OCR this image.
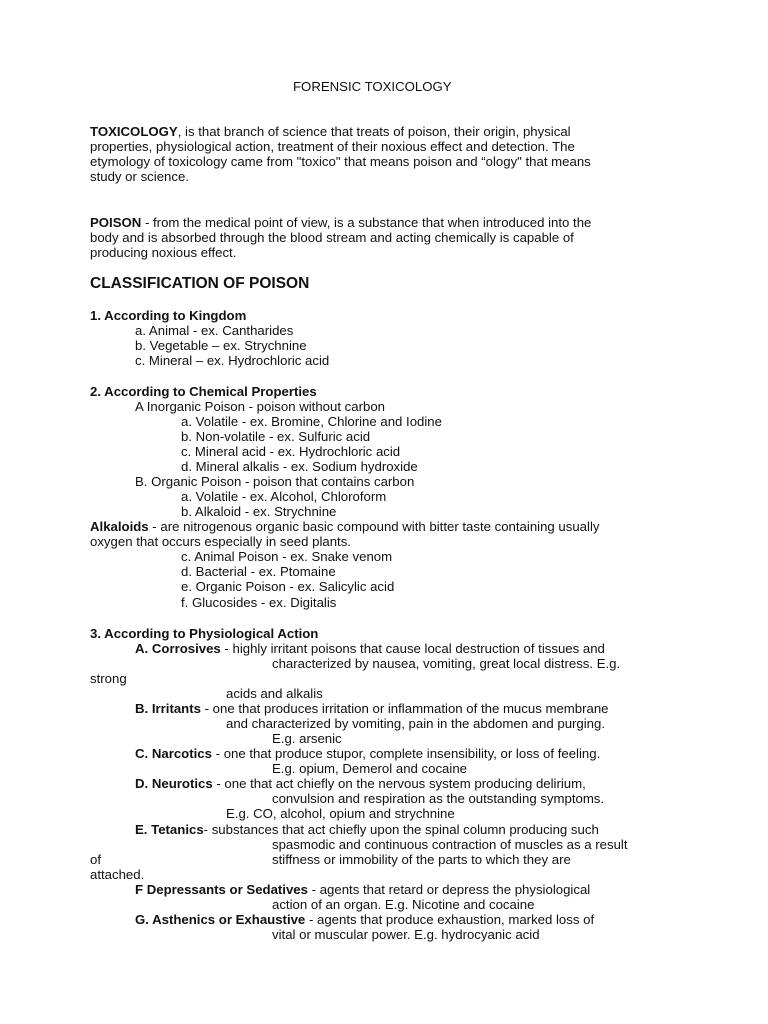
FORENSIC TOXICOLOGY
TOXICOLOGY, is that branch of science that treats of poison, their origin, physical
properties, physiological action, treatment of their noxious effect and detection. The
etymology of toxicology came from "toxico" that means poison and “ology" that means
study or science.
POISON - from the medical point of view, is a substance that when introduced into the
body and is absorbed through the blood stream and acting chemically is capable of
producing noxious effect.
CLASSIFICATION OF POISON
1. According to Kingdom
a. Animal - ex. Cantharides
b. Vegetable – ex. Strychnine
c. Mineral – ex. Hydrochloric acid
2. According to Chemical Properties
A Inorganic Poison - poison without carbon
a. Volatile - ex. Bromine, Chlorine and Iodine
b. Non-volatile - ex. Sulfuric acid
c. Mineral acid - ex. Hydrochloric acid
d. Mineral alkalis - ex. Sodium hydroxide
B. Organic Poison - poison that contains carbon
a. Volatile - ex. Alcohol, Chloroform
b. Alkaloid - ex. Strychnine
Alkaloids - are nitrogenous organic basic compound with bitter taste containing usually
oxygen that occurs especially in seed plants.
c. Animal Poison - ex. Snake venom
d. Bacterial - ex. Ptomaine
e. Organic Poison - ex. Salicylic acid
f. Glucosides - ex. Digitalis
3. According to Physiological Action
A. Corrosives - highly irritant poisons that cause local destruction of tissues and
characterized by nausea, vomiting, great local distress. E.g.
strong
acids and alkalis
B. Irritants - one that produces irritation or inflammation of the mucus membrane
and characterized by vomiting, pain in the abdomen and purging.
E.g. arsenic
C. Narcotics - one that produce stupor, complete insensibility, or loss of feeling.
E.g. opium, Demerol and cocaine
D. Neurotics - one that act chiefly on the nervous system producing delirium,
convulsion and respiration as the outstanding symptoms.
E.g. CO, alcohol, opium and strychnine
E. Tetanics- substances that act chiefly upon the spinal column producing such
spasmodic and continuous contraction of muscles as a result
of	stiffness or immobility of the parts to which they are
attached.
F Depressants or Sedatives - agents that retard or depress the physiological
action of an organ. E.g. Nicotine and cocaine
G. Asthenics or Exhaustive - agents that produce exhaustion, marked loss of
vital or muscular power. E.g. hydrocyanic acid
